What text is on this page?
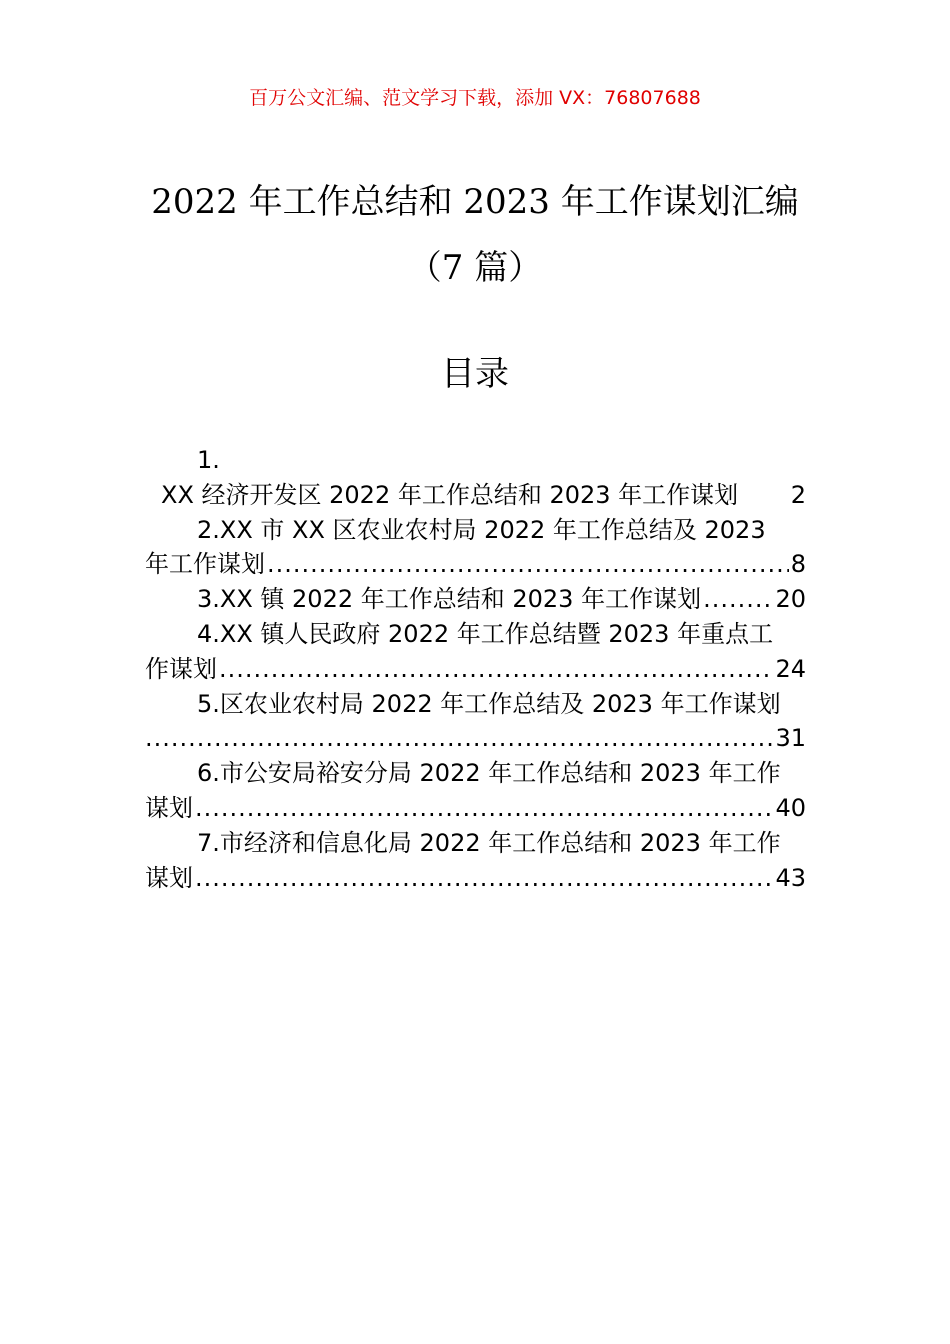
百万公文汇编、范文学习下载，添加 VX：76807688
2022 年工作总结和 2023 年工作谋划汇编
（7 篇）
目录
1.
XX 经济开发区 2022 年工作总结和 2023 年工作谋划 2
2.XX 市 XX 区农业农村局 2022 年工作总结及 2023
年工作谋划 .....	8
3.XX 镇 2022 年工作总结和 2023 年工作谋划 .....	20
4.XX 镇人民政府 2022 年工作总结暨 2023 年重点工
作谋划 .....	24
5.区农业农村局 2022 年工作总结及 2023 年工作谋划
.....
31
6.市公安局裕安分局 2022 年工作总结和 2023 年工作
谋划 .....	40
7.市经济和信息化局 2022 年工作总结和 2023 年工作
谋划 .....	43
